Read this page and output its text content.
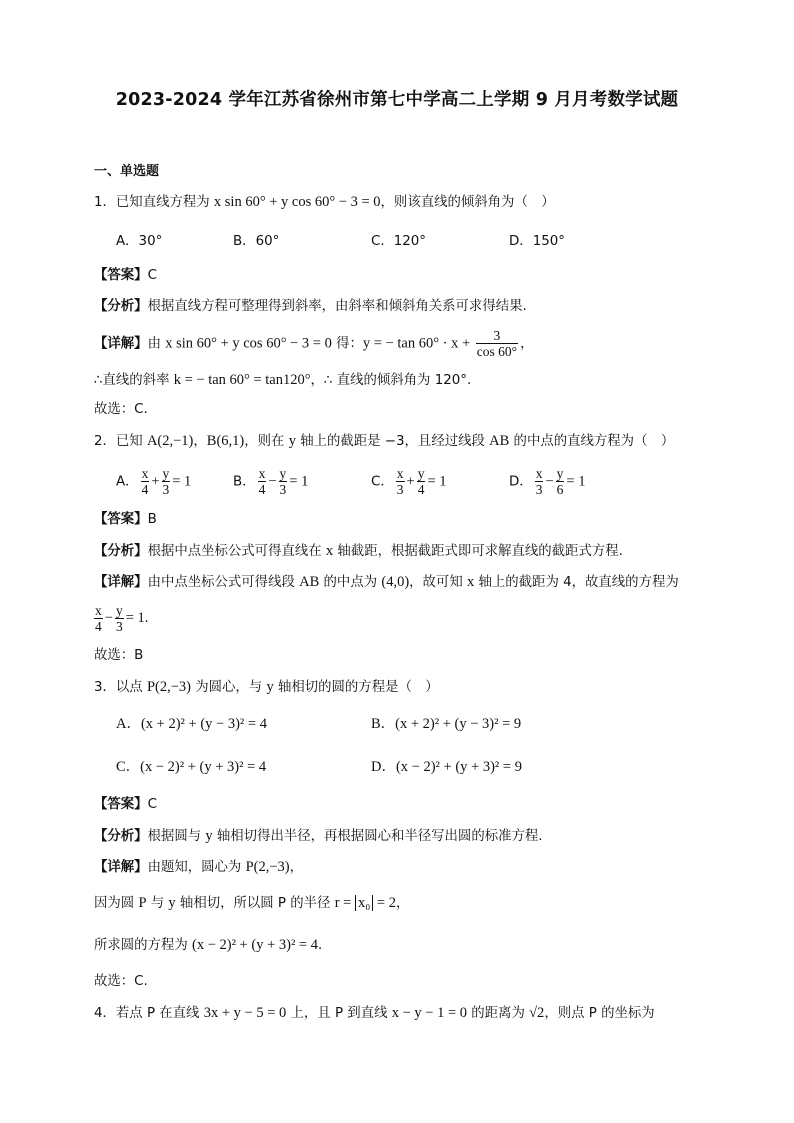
2023-2024 学年江苏省徐州市第七中学高二上学期 9 月月考数学试题
一、单选题
1．已知直线方程为 x sin 60° + y cos 60° − 3 = 0，则该直线的倾斜角为（　）
A．30°	B．60°	C．120°	D．150°
【答案】C
【分析】根据直线方程可整理得到斜率，由斜率和倾斜角关系可求得结果.
【详解】由 x sin 60° + y cos 60° − 3 = 0 得：y = − $\tan 60^\circ \cdot x + \frac{3}{\cos 60^\circ}$ ，
∴直线的斜率 k = − tan 60° = tan120°，∴ 直线的倾斜角为 120°.
故选：C.
2．已知 A(2,−1)，B(6,1)，则在 y 轴上的截距是 −3，且经过线段 AB 的中点的直线方程为（　）
A． $\frac{x}{4} + \frac{y}{3} = 1$	B． $\frac{x}{4} - \frac{y}{3} = 1$	C． $\frac{x}{3} + \frac{y}{4} = 1$	D． $\frac{x}{3} - \frac{y}{6} = 1$
【答案】B
【分析】根据中点坐标公式可得直线在 x 轴截距，根据截距式即可求解直线的截距式方程.
【详解】由中点坐标公式可得线段 AB 的中点为 (4,0)，故可知 x 轴上的截距为 4，故直线的方程为
$\frac{x}{4} - \frac{y}{3} = 1$.
故选：B
3．以点 P(2,−3) 为圆心，与 y 轴相切的圆的方程是（　）
A．(x + 2)² + (y − 3)² = 4	B．(x + 2)² + (y − 3)² = 9
C．(x − 2)² + (y + 3)² = 4	D．(x − 2)² + (y + 3)² = 9
【答案】C
【分析】根据圆与 y 轴相切得出半径，再根据圆心和半径写出圆的标准方程.
【详解】由题知，圆心为 P(2,−3)，
因为圆 P 与 y 轴相切，所以圆 P 的半径 r = x₀ = 2，
所求圆的方程为 (x − 2)² + (y + 3)² = 4.
故选：C.
4．若点 P 在直线 3x + y − 5 = 0 上，且 P 到直线 x − y − 1 = 0 的距离为 √2，则点 P 的坐标为
